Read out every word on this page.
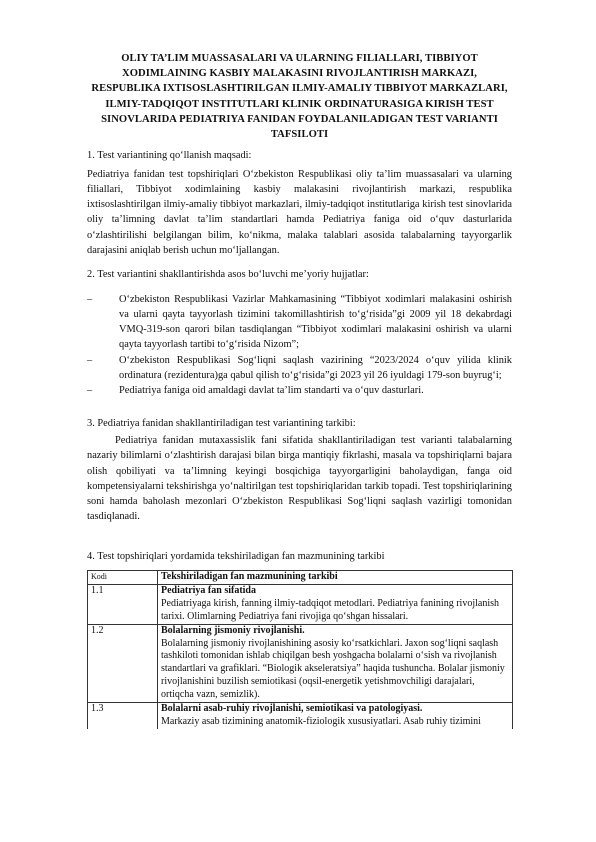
OLIY TA’LIM MUASSASALARI VA ULARNING FILIALLARI, TIBBIYOT XODIMLAINING KASBIY MALAKASINI RIVOJLANTIRISH MARKAZI, RESPUBLIKA IXTISOSLASHTIRILGAN ILMIY-AMALIY TIBBIYOT MARKAZLARI, ILMIY-TADQIQOT INSTITUTLARI KLINIK ORDINATURASIGA KIRISH TEST SINOVLARIDA PEDIATRIYA FANIDAN FOYDALANILADIGAN TEST VARIANTI TAFSILOTI

1. Test variantining qo‘llanish maqsadi:

Pediatriya fanidan test topshiriqlari O‘zbekiston Respublikasi oliy ta’lim muassasalari va ularning filiallari, Tibbiyot xodimlaining kasbiy malakasini rivojlantirish markazi, respublika ixtisoslashtirilgan ilmiy-amaliy tibbiyot markazlari, ilmiy-tadqiqot institutlariga kirish test sinovlarida oliy ta’limning davlat ta’lim standartlari hamda Pediatriya faniga oid o‘quv dasturlarida o‘zlashtirilishi belgilangan bilim, ko‘nikma, malaka talablari asosida talabalarning tayyorgarlik darajasini aniqlab berish uchun mo‘ljallangan.

2. Test variantini shakllantirishda asos bo‘luvchi me’yoriy hujjatlar:

–	O‘zbekiston Respublikasi Vazirlar Mahkamasining “Tibbiyot xodimlari malakasini oshirish va ularni qayta tayyorlash tizimini takomillashtirish to‘g‘risida”gi 2009 yil 18 dekabrdagi VMQ-319-son qarori bilan tasdiqlangan “Tibbiyot xodimlari malakasini oshirish va ularni qayta tayyorlash tartibi to‘g‘risida Nizom”;
–	O‘zbekiston Respublikasi Sog‘liqni saqlash vazirining “2023/2024 o‘quv yilida klinik ordinatura (rezidentura)ga qabul qilish to‘g‘risida”gi 2023 yil 26 iyuldagi 179-son buyrug‘i;
–	Pediatriya faniga oid amaldagi davlat ta’lim standarti va o‘quv dasturlari.

3. Pediatriya fanidan shakllantiriladigan test variantining tarkibi:

Pediatriya fanidan mutaxassislik fani sifatida shakllantiriladigan test varianti talabalarning nazariy bilimlarni o‘zlashtirish darajasi bilan birga mantiqiy fikrlashi, masala va topshiriqlarni bajara olish qobiliyati va ta’limning keyingi bosqichiga tayyorgarligini baholaydigan, fanga oid kompetensiyalarni tekshirishga yo‘naltirilgan test topshiriqlaridan tarkib topadi. Test topshiriqlarining soni hamda baholash mezonlari O‘zbekiston Respublikasi Sog‘liqni saqlash vazirligi tomonidan tasdiqlanadi.

4. Test topshiriqlari yordamida tekshiriladigan fan mazmunining tarkibi

Kodi	Tekshiriladigan fan mazmunining tarkibi
1.1	Pediatriya fan sifatida
Pediatriyaga kirish, fanning ilmiy-tadqiqot metodlari. Pediatriya fanining rivojlanish tarixi. Olimlarning Pediatriya fani rivojiga qo‘shgan hissalari.

1.2	Bolalarning jismoniy rivojlanishi.
Bolalarning jismoniy rivojlanishining asosiy ko‘rsatkichlari. Jaxon sog‘liqni saqlash tashkiloti tomonidan ishlab chiqilgan besh yoshgacha bolalarni o‘sish va rivojlanish standartlari va grafiklari. “Biologik akseleratsiya” haqida tushuncha. Bolalar jismoniy rivojlanishini buzilish semiotikasi (oqsil-energetik yetishmovchiligi darajalari, ortiqcha vazn, semizlik).

1.3	Bolalarni asab-ruhiy rivojlanishi, semiotikasi va patologiyasi.
Markaziy asab tizimining anatomik-fiziologik xususiyatlari. Asab ruhiy tizimini
